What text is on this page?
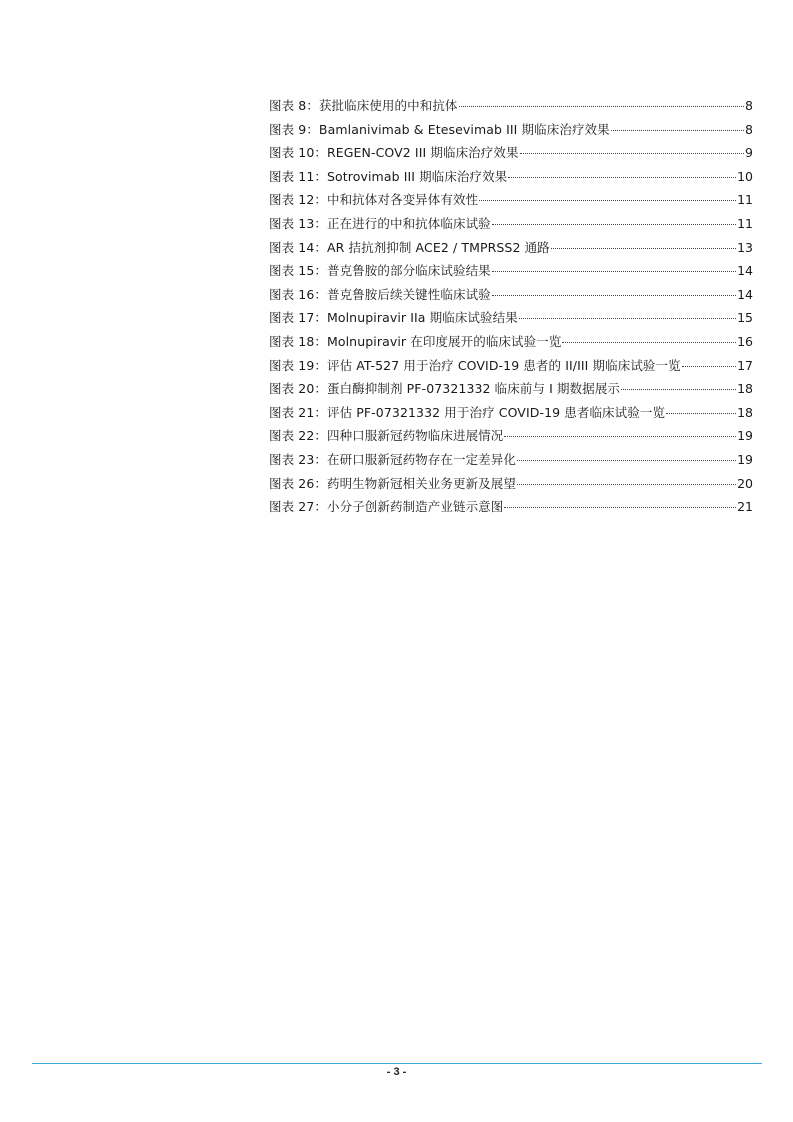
图表 8：获批临床使用的中和抗体	8
图表 9：Bamlanivimab & Etesevimab III 期临床治疗效果	8
图表 10：REGEN-COV2 III 期临床治疗效果	9
图表 11：Sotrovimab III 期临床治疗效果	10
图表 12：中和抗体对各变异体有效性	11
图表 13：正在进行的中和抗体临床试验	11
图表 14：AR 拮抗剂抑制 ACE2 / TMPRSS2 通路	13
图表 15：普克鲁胺的部分临床试验结果	14
图表 16：普克鲁胺后续关键性临床试验	14
图表 17：Molnupiravir IIa 期临床试验结果	15
图表 18：Molnupiravir 在印度展开的临床试验一览	16
图表 19：评估 AT-527 用于治疗 COVID-19 患者的 II/III 期临床试验一览	17
图表 20：蛋白酶抑制剂 PF-07321332 临床前与 I 期数据展示	18
图表 21：评估 PF-07321332 用于治疗 COVID-19 患者临床试验一览	18
图表 22：四种口服新冠药物临床进展情况	19
图表 23：在研口服新冠药物存在一定差异化	19
图表 26：药明生物新冠相关业务更新及展望	20
图表 27：小分子创新药制造产业链示意图	21
- 3 -
